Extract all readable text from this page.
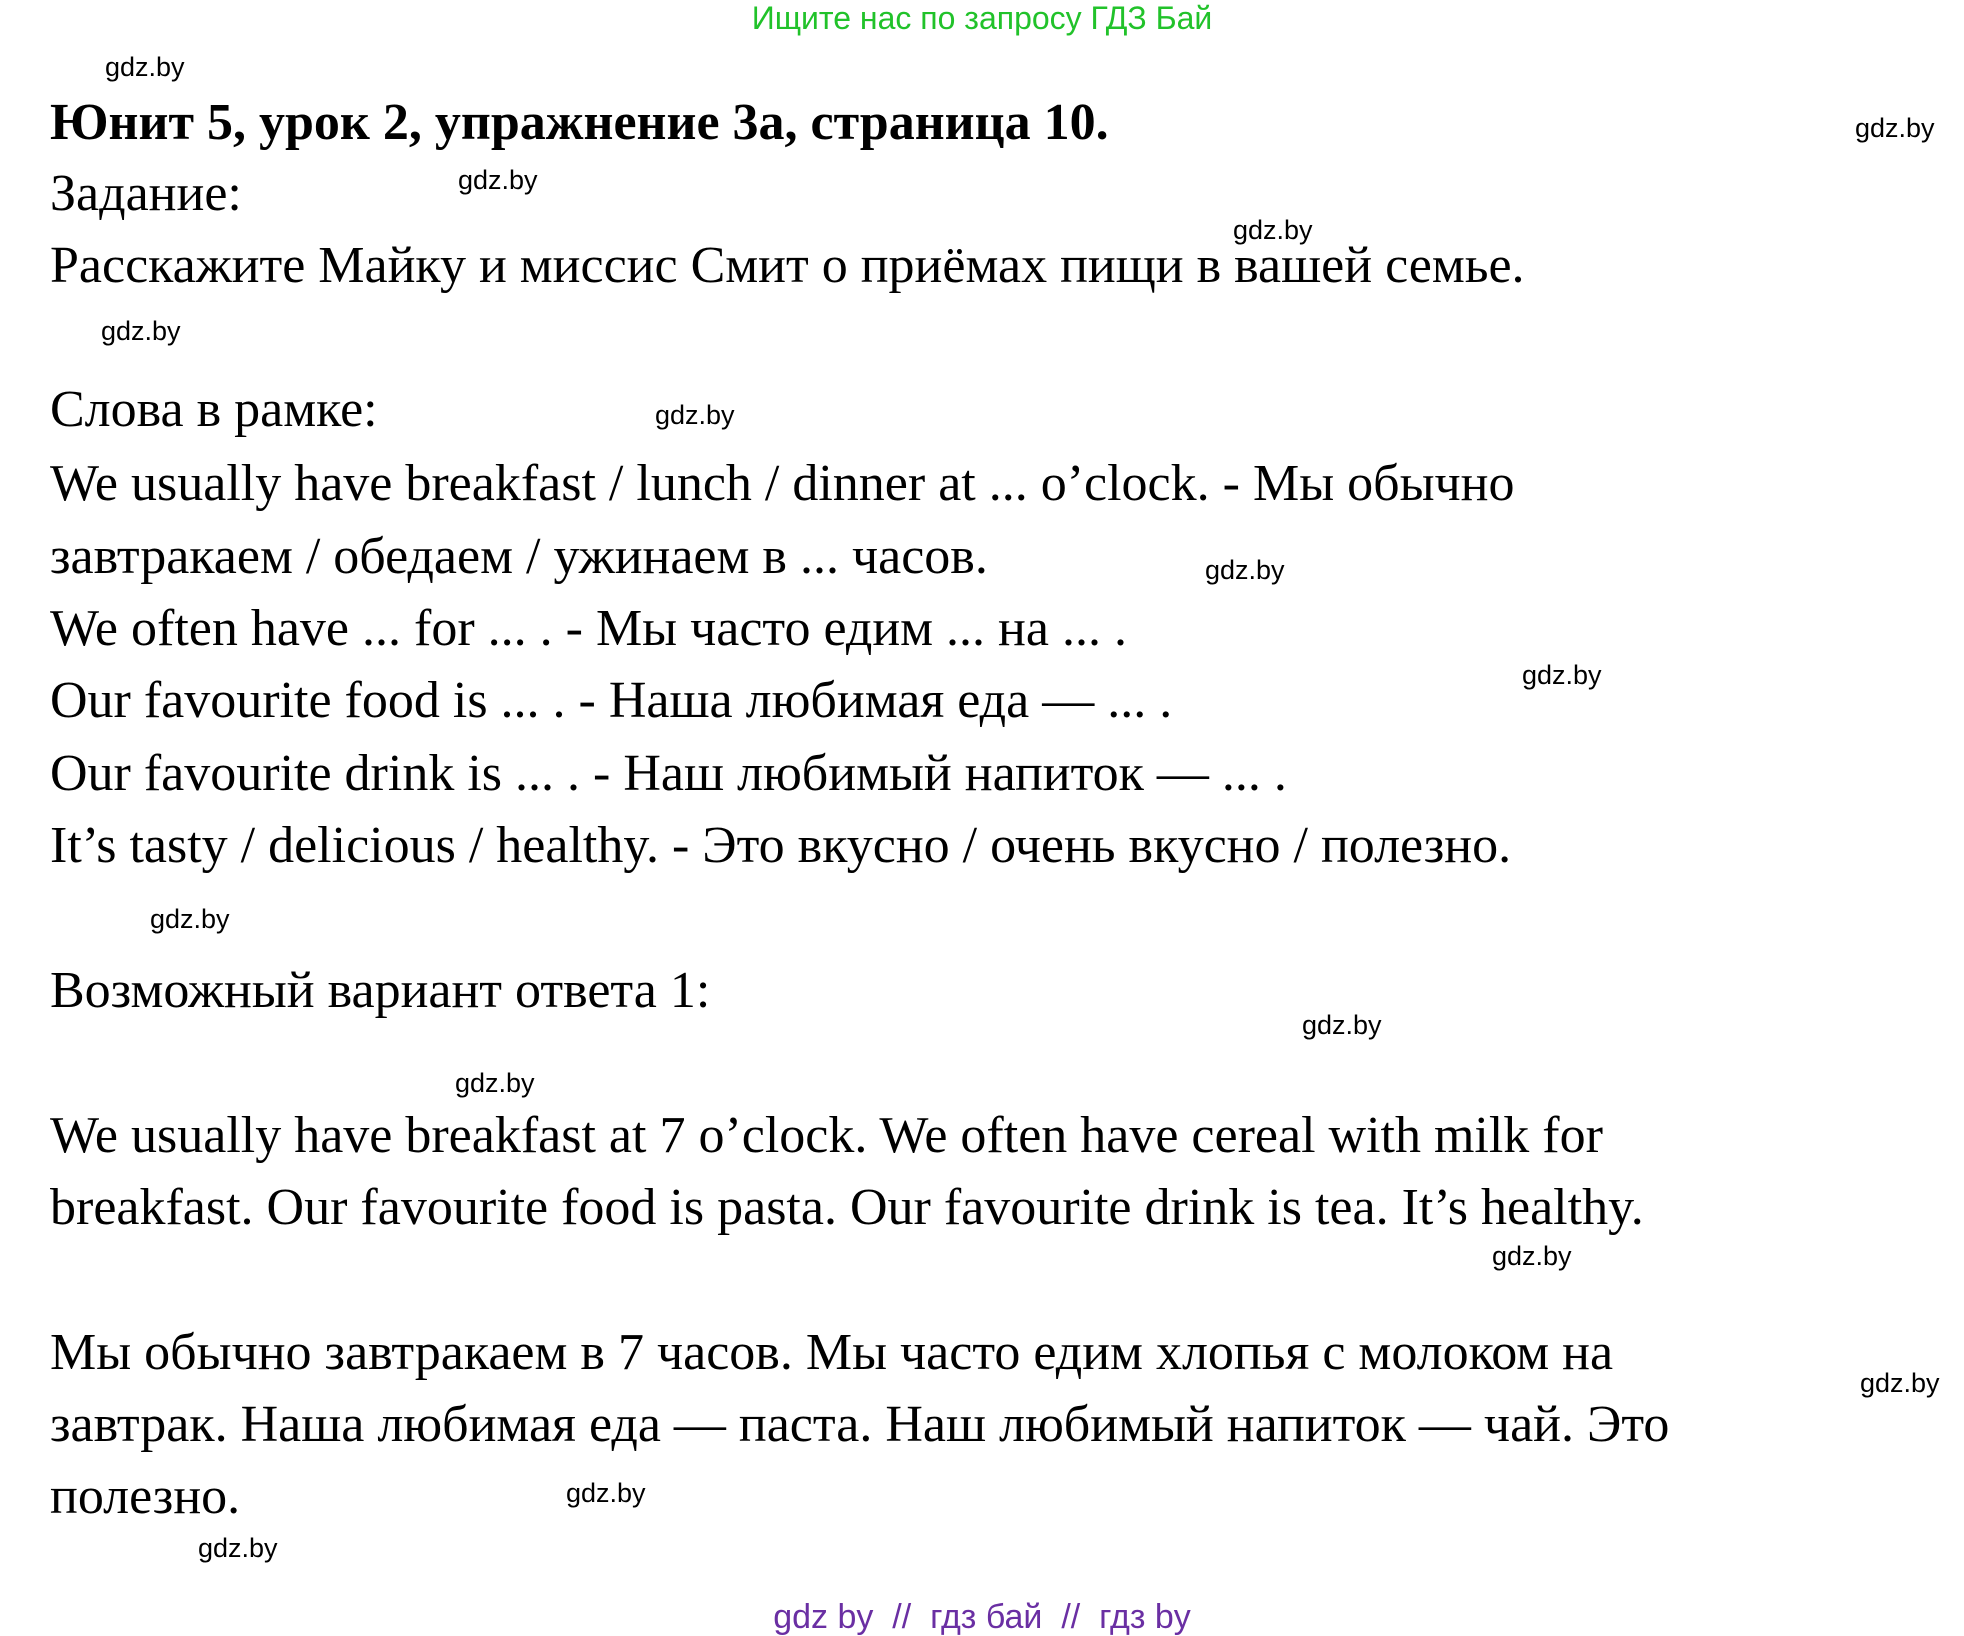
Ищите нас по запросу ГДЗ Бай
gdz.by
gdz.by
gdz.by
gdz.by
gdz.by
gdz.by
gdz.by
gdz.by
gdz.by
gdz.by
gdz.by
gdz.by
gdz.by
gdz.by
gdz.by
Юнит 5, урок 2, упражнение 3а, страница 10.
Задание:
Расскажите Майку и миссис Смит о приёмах пищи в вашей семье.
Слова в рамке:
We usually have breakfast / lunch / dinner at ... o’clock. - Мы обычно
завтракаем / обедаем / ужинаем в ... часов.
We often have ... for ... . - Мы часто едим ... на ... .
Our favourite food is ... . - Наша любимая еда — ... .
Our favourite drink is ... . - Наш любимый напиток — ... .
It’s tasty / delicious / healthy. - Это вкусно / очень вкусно / полезно.
Возможный вариант ответа 1:
We usually have breakfast at 7 o’clock. We often have cereal with milk for
breakfast. Our favourite food is pasta. Our favourite drink is tea. It’s healthy.
Мы обычно завтракаем в 7 часов. Мы часто едим хлопья с молоком на
завтрак. Наша любимая еда — паста. Наш любимый напиток — чай. Это
полезно.
gdz by  //  гдз бай  //  гдз by
